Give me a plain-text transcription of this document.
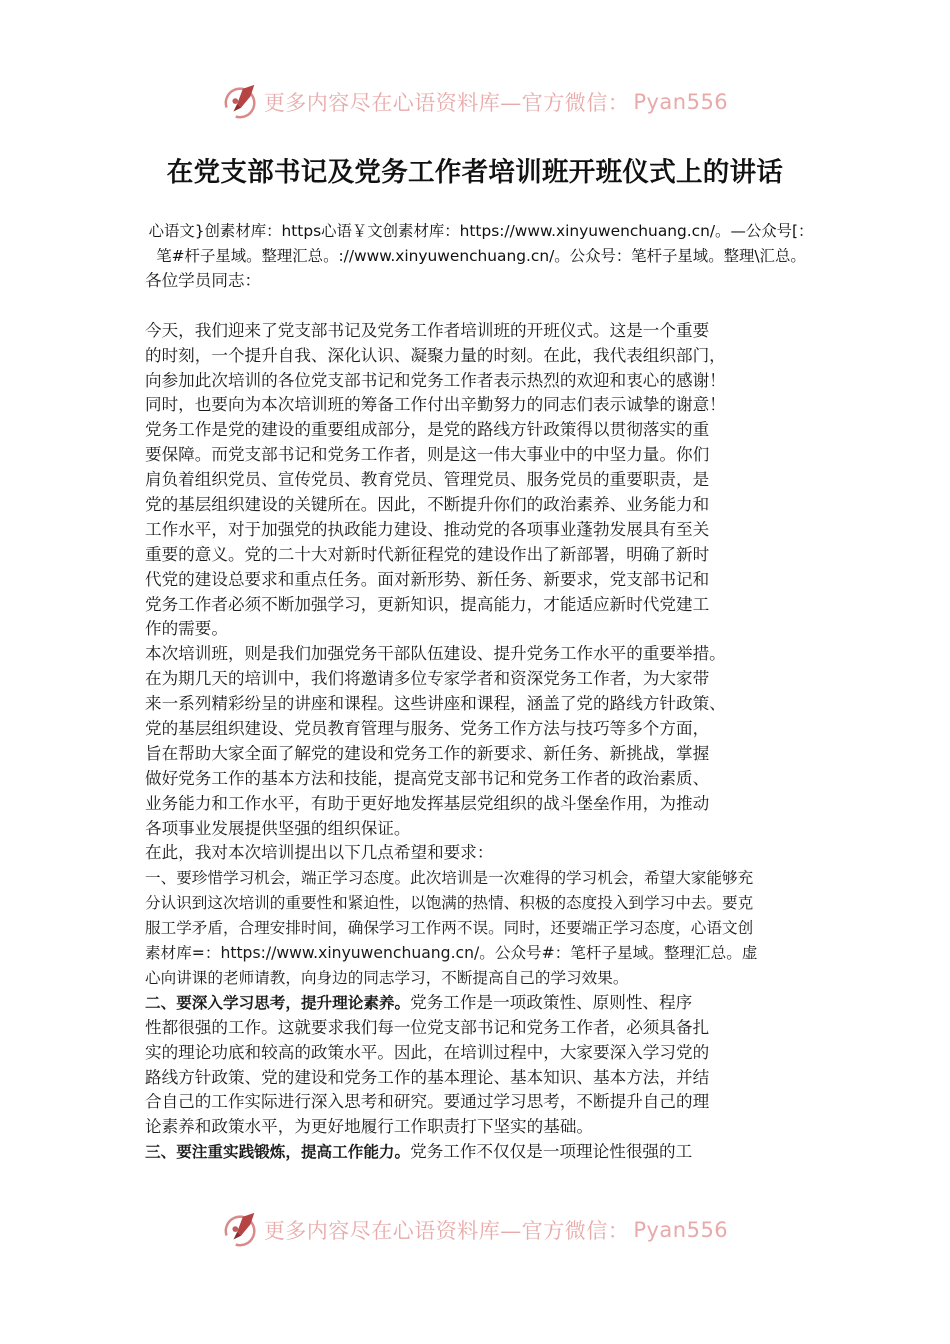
更多内容尽在心语资料库—官方微信： Pyan556
在党支部书记及党务工作者培训班开班仪式上的讲话

心语文}创素材库：https心语￥文创素材库：https://www.xinyuwenchuang.cn/。—公众号[：笔#杆子星域。整理汇总。://www.xinyuwenchuang.cn/。公众号：笔杆子星域。整理\汇总。

各位学员同志：
今天，我们迎来了党支部书记及党务工作者培训班的开班仪式。这是一个重要
的时刻，一个提升自我、深化认识、凝聚力量的时刻。在此，我代表组织部门，
向参加此次培训的各位党支部书记和党务工作者表示热烈的欢迎和衷心的感谢！
同时，也要向为本次培训班的筹备工作付出辛勤努力的同志们表示诚挚的谢意！
党务工作是党的建设的重要组成部分，是党的路线方针政策得以贯彻落实的重
要保障。而党支部书记和党务工作者，则是这一伟大事业中的中坚力量。你们
肩负着组织党员、宣传党员、教育党员、管理党员、服务党员的重要职责，是
党的基层组织建设的关键所在。因此，不断提升你们的政治素养、业务能力和
工作水平，对于加强党的执政能力建设、推动党的各项事业蓬勃发展具有至关
重要的意义。党的二十大对新时代新征程党的建设作出了新部署，明确了新时
代党的建设总要求和重点任务。面对新形势、新任务、新要求，党支部书记和
党务工作者必须不断加强学习，更新知识，提高能力，才能适应新时代党建工
作的需要。
本次培训班，则是我们加强党务干部队伍建设、提升党务工作水平的重要举措。
在为期几天的培训中，我们将邀请多位专家学者和资深党务工作者，为大家带
来一系列精彩纷呈的讲座和课程。这些讲座和课程，涵盖了党的路线方针政策、
党的基层组织建设、党员教育管理与服务、党务工作方法与技巧等多个方面，
旨在帮助大家全面了解党的建设和党务工作的新要求、新任务、新挑战，掌握
做好党务工作的基本方法和技能，提高党支部书记和党务工作者的政治素质、
业务能力和工作水平，有助于更好地发挥基层党组织的战斗堡垒作用，为推动
各项事业发展提供坚强的组织保证。
在此，我对本次培训提出以下几点希望和要求：
一、要珍惜学习机会，端正学习态度。此次培训是一次难得的学习机会，希望大家能够充
分认识到这次培训的重要性和紧迫性，以饱满的热情、积极的态度投入到学习中去。要克
服工学矛盾，合理安排时间，确保学习工作两不误。同时，还要端正学习态度，心语文创
素材库=：https://www.xinyuwenchuang.cn/。公众号#：笔杆子星域。整理汇总。虚
心向讲课的老师请教，向身边的同志学习，不断提高自己的学习效果。
二、要深入学习思考，提升理论素养。党务工作是一项政策性、原则性、程序
性都很强的工作。这就要求我们每一位党支部书记和党务工作者，必须具备扎
实的理论功底和较高的政策水平。因此，在培训过程中，大家要深入学习党的
路线方针政策、党的建设和党务工作的基本理论、基本知识、基本方法，并结
合自己的工作实际进行深入思考和研究。要通过学习思考，不断提升自己的理
论素养和政策水平，为更好地履行工作职责打下坚实的基础。
三、要注重实践锻炼，提高工作能力。党务工作不仅仅是一项理论性很强的工
更多内容尽在心语资料库—官方微信： Pyan556
